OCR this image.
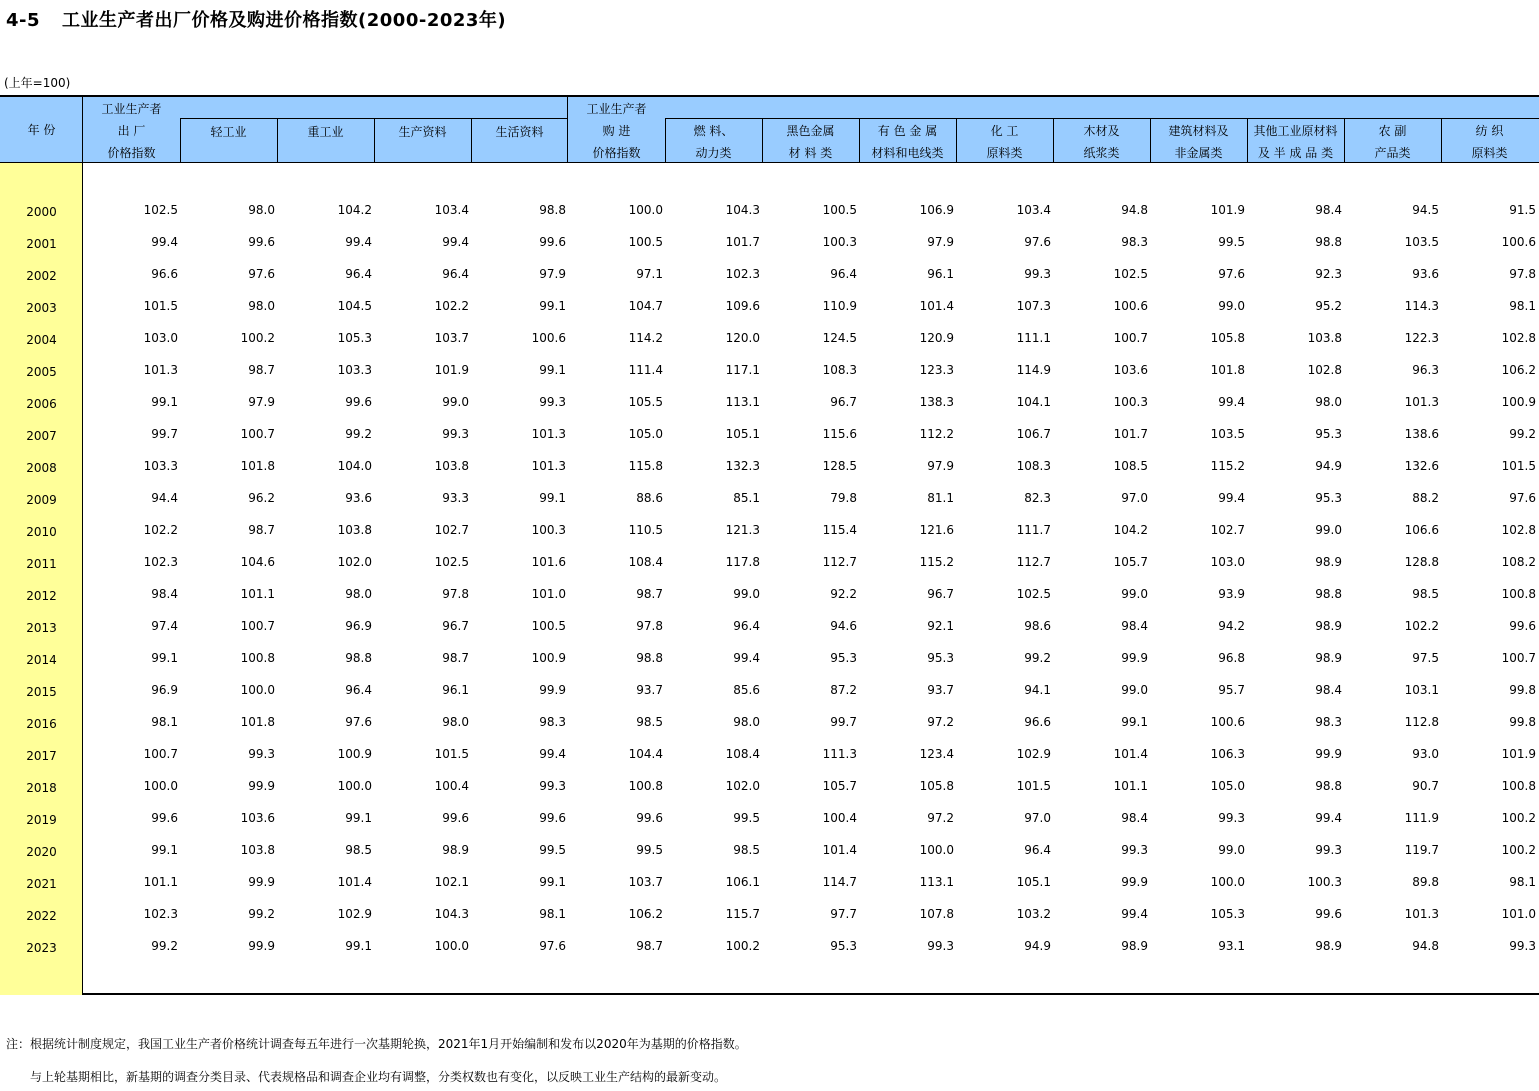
4-5 工业生产者出厂价格及购进价格指数(2000-2023年)
(上年=100)
年 份
工业生产者
出 厂
价格指数
轻工业	重工业	生产资料	生活资料
工业生产者
购 进
价格指数
燃 料、
动力类
黑色金属
材 料 类
有 色 金 属
材料和电线类
化 工
原料类
木材及
纸浆类
建筑材料及
非金属类
其他工业原材料
及 半 成 品 类
农 副
产品类
纺 织
原料类
2000	102.5	98.0	104.2	103.4	98.8	100.0	104.3	100.5	106.9	103.4	94.8	101.9	98.4	94.5	91.5
2001	99.4	99.6	99.4	99.4	99.6	100.5	101.7	100.3	97.9	97.6	98.3	99.5	98.8	103.5	100.6
2002	96.6	97.6	96.4	96.4	97.9	97.1	102.3	96.4	96.1	99.3	102.5	97.6	92.3	93.6	97.8
2003	101.5	98.0	104.5	102.2	99.1	104.7	109.6	110.9	101.4	107.3	100.6	99.0	95.2	114.3	98.1
2004	103.0	100.2	105.3	103.7	100.6	114.2	120.0	124.5	120.9	111.1	100.7	105.8	103.8	122.3	102.8
2005	101.3	98.7	103.3	101.9	99.1	111.4	117.1	108.3	123.3	114.9	103.6	101.8	102.8	96.3	106.2
2006	99.1	97.9	99.6	99.0	99.3	105.5	113.1	96.7	138.3	104.1	100.3	99.4	98.0	101.3	100.9
2007	99.7	100.7	99.2	99.3	101.3	105.0	105.1	115.6	112.2	106.7	101.7	103.5	95.3	138.6	99.2
2008	103.3	101.8	104.0	103.8	101.3	115.8	132.3	128.5	97.9	108.3	108.5	115.2	94.9	132.6	101.5
2009	94.4	96.2	93.6	93.3	99.1	88.6	85.1	79.8	81.1	82.3	97.0	99.4	95.3	88.2	97.6
2010	102.2	98.7	103.8	102.7	100.3	110.5	121.3	115.4	121.6	111.7	104.2	102.7	99.0	106.6	102.8
2011	102.3	104.6	102.0	102.5	101.6	108.4	117.8	112.7	115.2	112.7	105.7	103.0	98.9	128.8	108.2
2012	98.4	101.1	98.0	97.8	101.0	98.7	99.0	92.2	96.7	102.5	99.0	93.9	98.8	98.5	100.8
2013	97.4	100.7	96.9	96.7	100.5	97.8	96.4	94.6	92.1	98.6	98.4	94.2	98.9	102.2	99.6
2014	99.1	100.8	98.8	98.7	100.9	98.8	99.4	95.3	95.3	99.2	99.9	96.8	98.9	97.5	100.7
2015	96.9	100.0	96.4	96.1	99.9	93.7	85.6	87.2	93.7	94.1	99.0	95.7	98.4	103.1	99.8
2016	98.1	101.8	97.6	98.0	98.3	98.5	98.0	99.7	97.2	96.6	99.1	100.6	98.3	112.8	99.8
2017	100.7	99.3	100.9	101.5	99.4	104.4	108.4	111.3	123.4	102.9	101.4	106.3	99.9	93.0	101.9
2018	100.0	99.9	100.0	100.4	99.3	100.8	102.0	105.7	105.8	101.5	101.1	105.0	98.8	90.7	100.8
2019	99.6	103.6	99.1	99.6	99.6	99.6	99.5	100.4	97.2	97.0	98.4	99.3	99.4	111.9	100.2
2020	99.1	103.8	98.5	98.9	99.5	99.5	98.5	101.4	100.0	96.4	99.3	99.0	99.3	119.7	100.2
2021	101.1	99.9	101.4	102.1	99.1	103.7	106.1	114.7	113.1	105.1	99.9	100.0	100.3	89.8	98.1
2022	102.3	99.2	102.9	104.3	98.1	106.2	115.7	97.7	107.8	103.2	99.4	105.3	99.6	101.3	101.0
2023	99.2	99.9	99.1	100.0	97.6	98.7	100.2	95.3	99.3	94.9	98.9	93.1	98.9	94.8	99.3
注：根据统计制度规定，我国工业生产者价格统计调查每五年进行一次基期轮换，2021年1月开始编制和发布以2020年为基期的价格指数。
与上轮基期相比，新基期的调查分类目录、代表规格品和调查企业均有调整，分类权数也有变化，以反映工业生产结构的最新变动。
